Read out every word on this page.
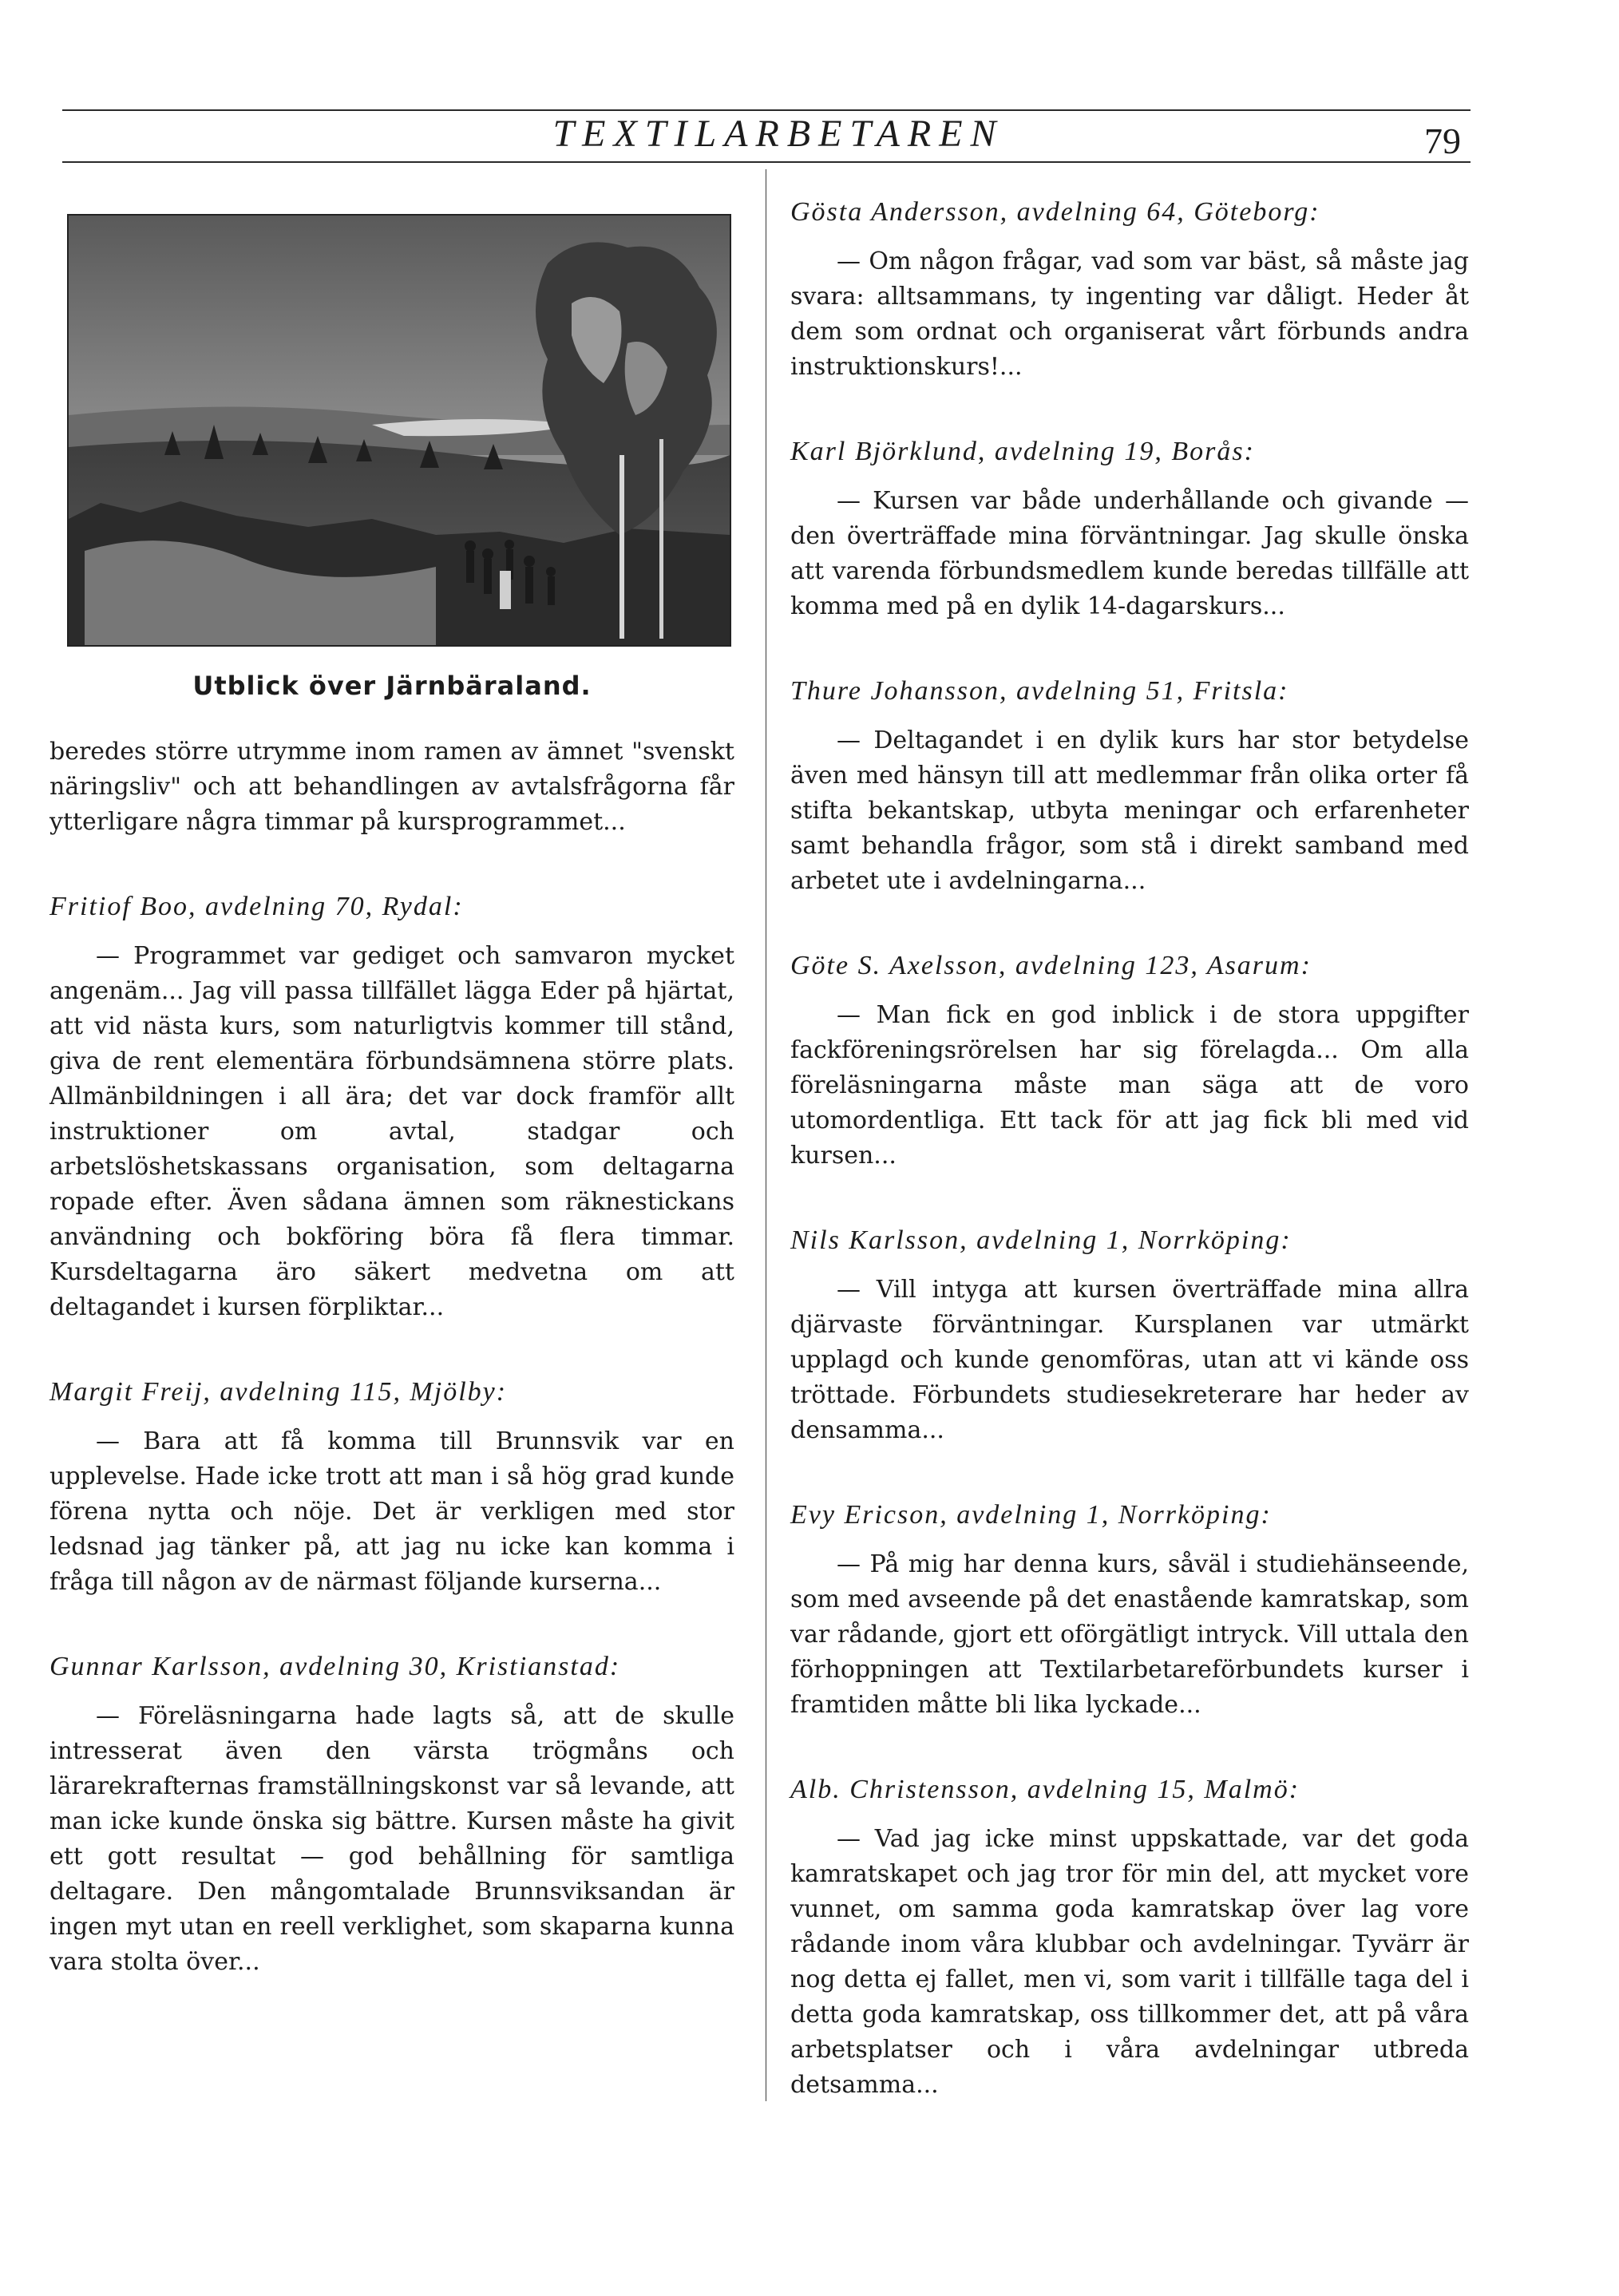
TEXTILARBETAREN	79
Utblick över Järnbäraland.

beredes större utrymme inom ramen av ämnet "svenskt näringsliv" och att behandlingen av avtalsfrågorna får ytterligare några timmar på kursprogrammet...

Fritiof Boo, avdelning 70, Rydal:

— Programmet var gediget och samvaron mycket angenäm... Jag vill passa tillfället lägga Eder på hjärtat, att vid nästa kurs, som naturligtvis kommer till stånd, giva de rent elementära förbundsämnena större plats. Allmänbildningen i all ära; det var dock framför allt instruktioner om avtal, stadgar och arbetslöshetskassans organisation, som deltagarna ropade efter. Även sådana ämnen som räknestickans användning och bokföring böra få flera timmar. Kursdeltagarna äro säkert medvetna om att deltagandet i kursen förpliktar...

Margit Freij, avdelning 115, Mjölby:

— Bara att få komma till Brunnsvik var en upplevelse. Hade icke trott att man i så hög grad kunde förena nytta och nöje. Det är verkligen med stor ledsnad jag tänker på, att jag nu icke kan komma i fråga till någon av de närmast följande kurserna...

Gunnar Karlsson, avdelning 30, Kristianstad:

— Föreläsningarna hade lagts så, att de skulle intresserat även den värsta trögmåns och lärarekrafternas framställningskonst var så levande, att man icke kunde önska sig bättre. Kursen måste ha givit ett gott resultat — god behållning för samtliga deltagare. Den mångomtalade Brunnsviksandan är ingen myt utan en reell verklighet, som skaparna kunna vara stolta över...

Gösta Andersson, avdelning 64, Göteborg:

— Om någon frågar, vad som var bäst, så måste jag svara: alltsammans, ty ingenting var dåligt. Heder åt dem som ordnat och organiserat vårt förbunds andra instruktionskurs!...

Karl Björklund, avdelning 19, Borås:

— Kursen var både underhållande och givande — den överträffade mina förväntningar. Jag skulle önska att varenda förbundsmedlem kunde beredas tillfälle att komma med på en dylik 14-dagarskurs...

Thure Johansson, avdelning 51, Fritsla:

— Deltagandet i en dylik kurs har stor betydelse även med hänsyn till att medlemmar från olika orter få stifta bekantskap, utbyta meningar och erfarenheter samt behandla frågor, som stå i direkt samband med arbetet ute i avdelningarna...

Göte S. Axelsson, avdelning 123, Asarum:

— Man fick en god inblick i de stora uppgifter fackföreningsrörelsen har sig förelagda... Om alla föreläsningarna måste man säga att de voro utomordentliga. Ett tack för att jag fick bli med vid kursen...

Nils Karlsson, avdelning 1, Norrköping:

— Vill intyga att kursen överträffade mina allra djärvaste förväntningar. Kursplanen var utmärkt upplagd och kunde genomföras, utan att vi kände oss tröttade. Förbundets studiesekreterare har heder av densamma...

Evy Ericson, avdelning 1, Norrköping:

— På mig har denna kurs, såväl i studiehänseende, som med avseende på det enastående kamratskap, som var rådande, gjort ett oförgätligt intryck. Vill uttala den förhoppningen att Textilarbetareförbundets kurser i framtiden måtte bli lika lyckade...

Alb. Christensson, avdelning 15, Malmö:

— Vad jag icke minst uppskattade, var det goda kamratskapet och jag tror för min del, att mycket vore vunnet, om samma goda kamratskap över lag vore rådande inom våra klubbar och avdelningar. Tyvärr är nog detta ej fallet, men vi, som varit i tillfälle taga del i detta goda kamratskap, oss tillkommer det, att på våra arbetsplatser och i våra avdelningar utbreda detsamma...
